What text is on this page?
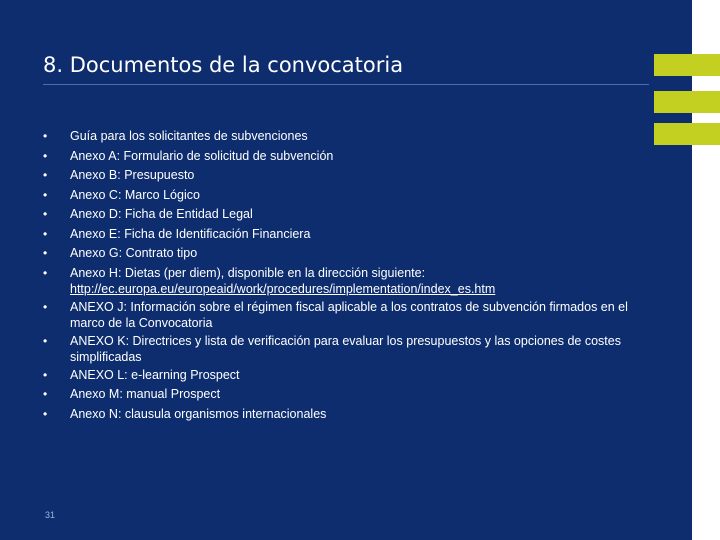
8. Documentos de la convocatoria
• Guía para los solicitantes de subvenciones
• Anexo A: Formulario de solicitud de subvención
• Anexo B: Presupuesto
• Anexo C: Marco Lógico
• Anexo D: Ficha de Entidad Legal
• Anexo E: Ficha de Identificación Financiera
• Anexo G: Contrato tipo
• Anexo H: Dietas (per diem), disponible en la dirección siguiente:
http://ec.europa.eu/europeaid/work/procedures/implementation/index_es.htm
• ANEXO J: Información sobre el régimen fiscal aplicable a los contratos de subvención firmados en el marco de la Convocatoria
• ANEXO K: Directrices y lista de verificación para evaluar los presupuestos y las opciones de costes simplificadas
• ANEXO L: e-learning Prospect
• Anexo M: manual Prospect
• Anexo N: clausula organismos internacionales
31
